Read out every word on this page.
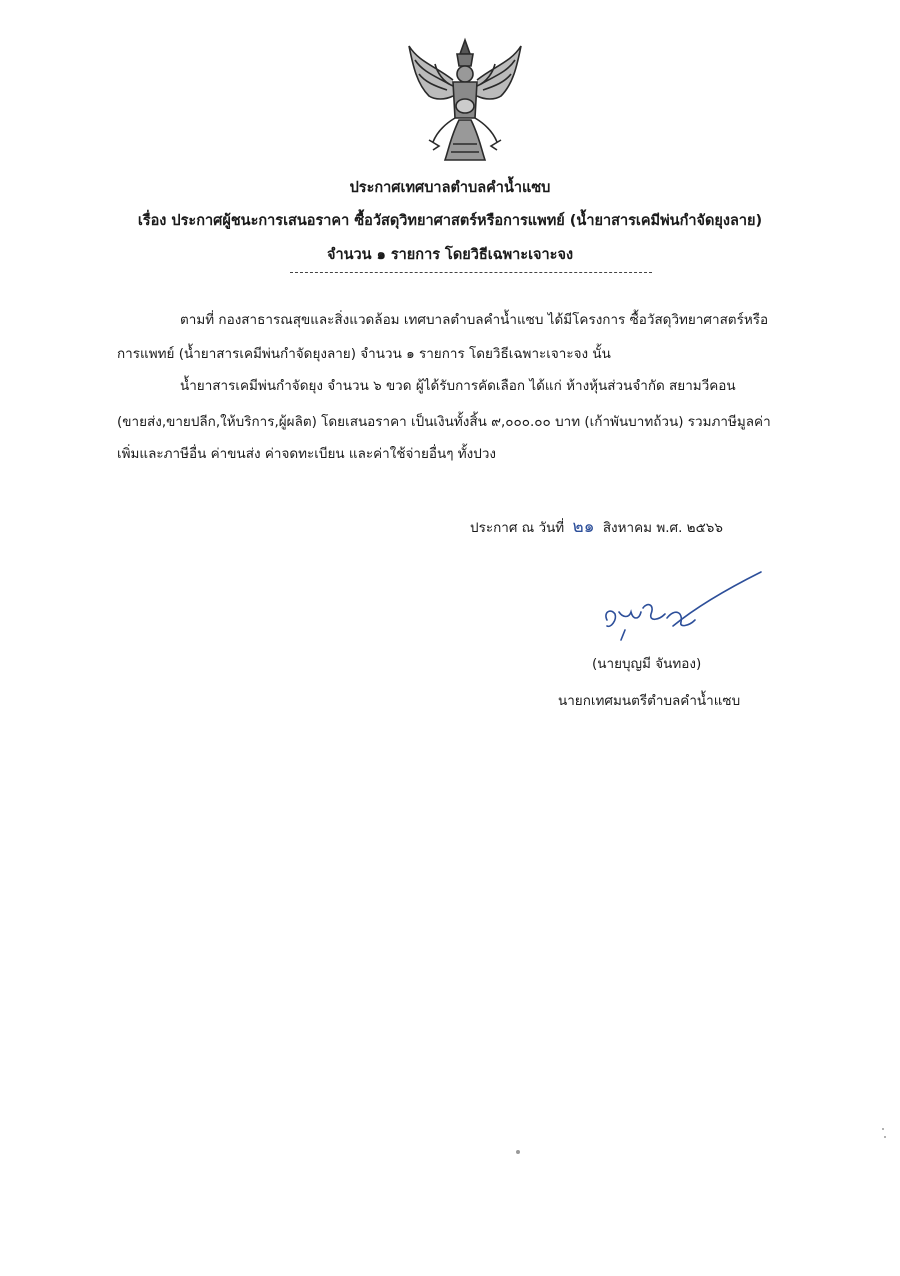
ประกาศเทศบาลตำบลคำน้ำแซบ
เรื่อง ประกาศผู้ชนะการเสนอราคา ซื้อวัสดุวิทยาศาสตร์หรือการแพทย์ (น้ำยาสารเคมีพ่นกำจัดยุงลาย)
จำนวน ๑ รายการ โดยวิธีเฉพาะเจาะจง
ตามที่ กองสาธารณสุขและสิ่งแวดล้อม เทศบาลตำบลคำน้ำแซบ ได้มีโครงการ ซื้อวัสดุวิทยาศาสตร์หรือ
การแพทย์ (น้ำยาสารเคมีพ่นกำจัดยุงลาย) จำนวน ๑ รายการ โดยวิธีเฉพาะเจาะจง นั้น
น้ำยาสารเคมีพ่นกำจัดยุง จำนวน ๖ ขวด ผู้ได้รับการคัดเลือก ได้แก่ ห้างหุ้นส่วนจำกัด สยามวีคอน
(ขายส่ง,ขายปลีก,ให้บริการ,ผู้ผลิต) โดยเสนอราคา เป็นเงินทั้งสิ้น ๙,๐๐๐.๐๐ บาท (เก้าพันบาทถ้วน) รวมภาษีมูลค่า
เพิ่มและภาษีอื่น ค่าขนส่ง ค่าจดทะเบียน และค่าใช้จ่ายอื่นๆ ทั้งปวง
ประกาศ ณ วันที่ ๒๑ สิงหาคม พ.ศ. ๒๕๖๖
(นายบุญมี จันทอง)
นายกเทศมนตรีตำบลคำน้ำแซบ
